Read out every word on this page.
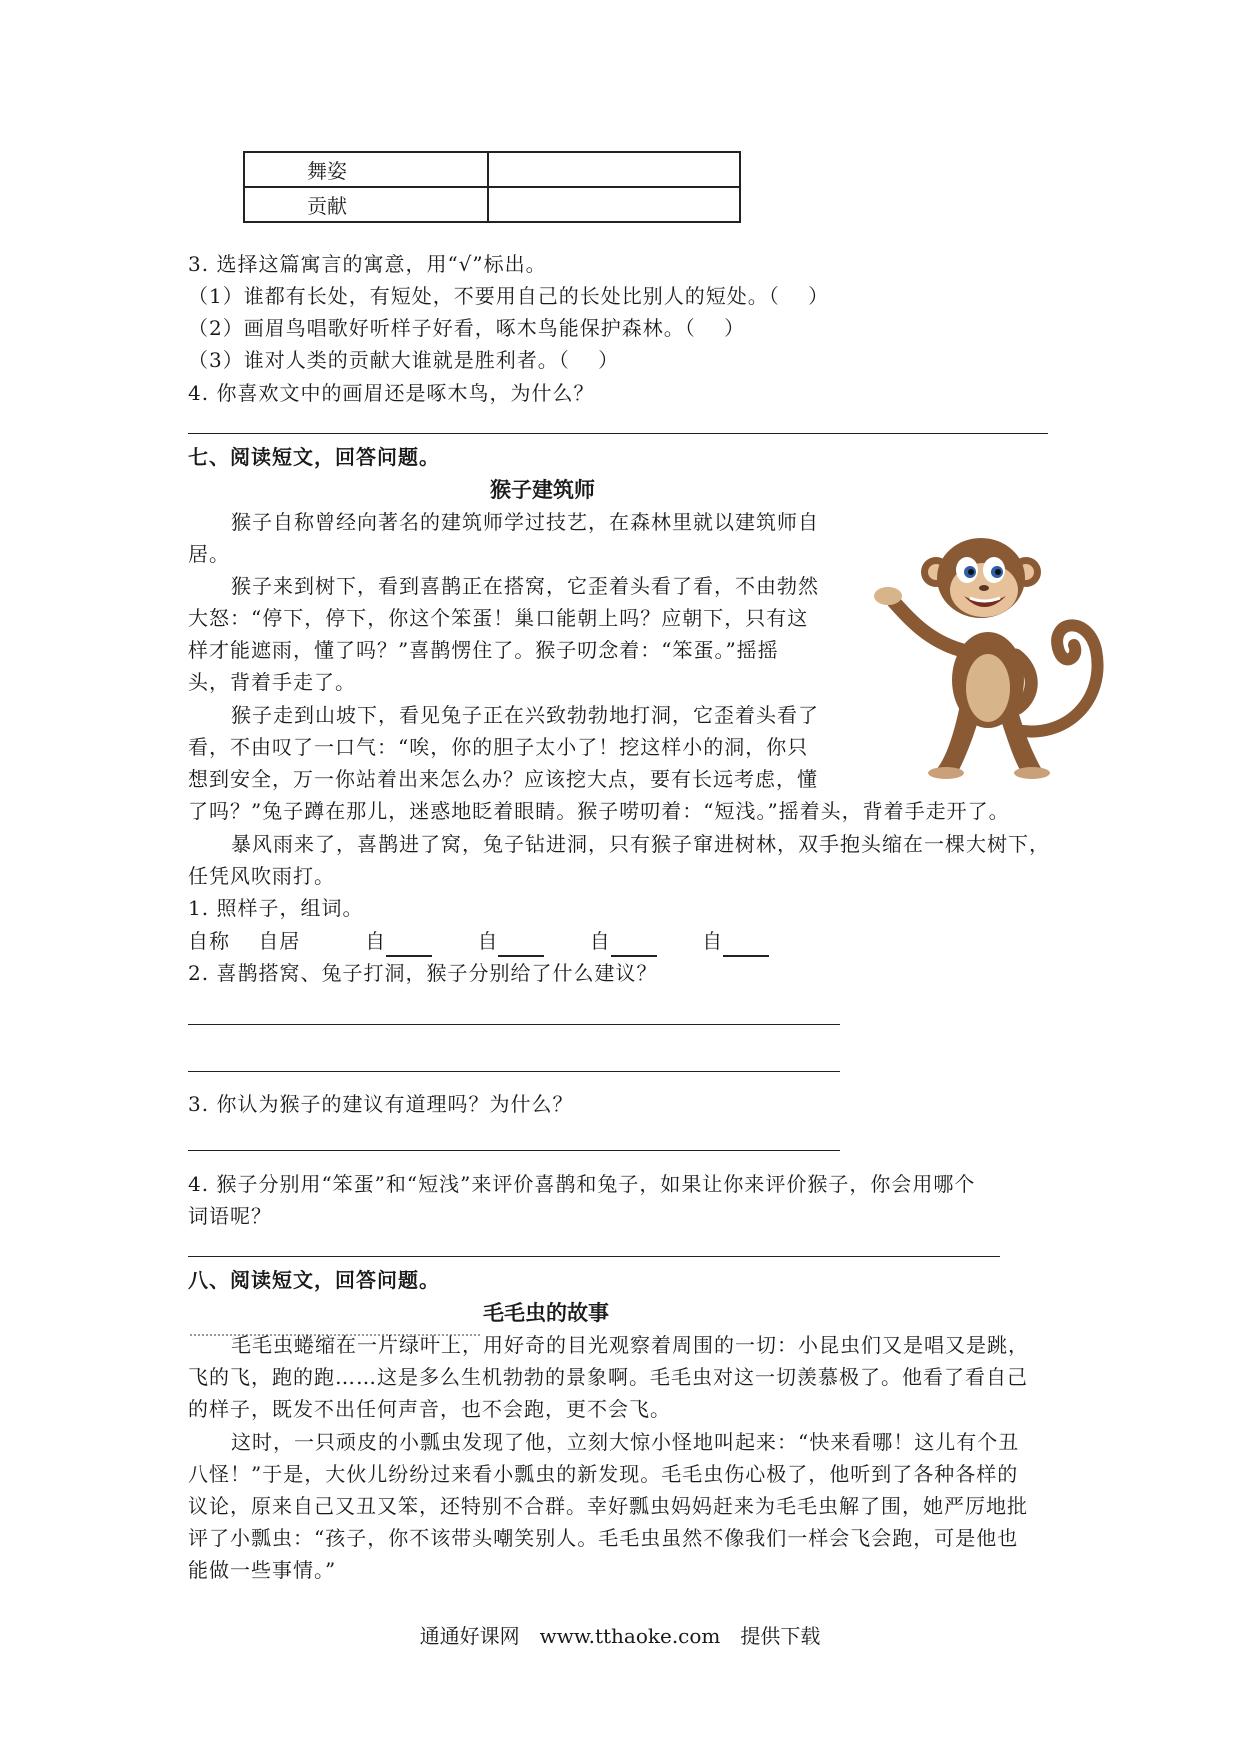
舞姿	
贡献	
3. 选择这篇寓言的寓意，用“√”标出。
（1）谁都有长处，有短处，不要用自己的长处比别人的短处。（　 ）
（2）画眉鸟唱歌好听样子好看，啄木鸟能保护森林。（　 ）
（3）谁对人类的贡献大谁就是胜利者。（　 ）
4. 你喜欢文中的画眉还是啄木鸟，为什么？
七、阅读短文，回答问题。
猴子建筑师
猴子自称曾经向著名的建筑师学过技艺，在森林里就以建筑师自
居。
猴子来到树下，看到喜鹊正在搭窝，它歪着头看了看，不由勃然
大怒：“停下，停下，你这个笨蛋！巢口能朝上吗？应朝下，只有这
样才能遮雨，懂了吗？”喜鹊愣住了。猴子叨念着：“笨蛋。”摇摇
头，背着手走了。
猴子走到山坡下，看见兔子正在兴致勃勃地打洞，它歪着头看了
看，不由叹了一口气：“唉，你的胆子太小了！挖这样小的洞，你只
想到安全，万一你站着出来怎么办？应该挖大点，要有长远考虑，懂
了吗？”兔子蹲在那儿，迷惑地眨着眼睛。猴子唠叨着：“短浅。”摇着头，背着手走开了。
暴风雨来了，喜鹊进了窝，兔子钻进洞，只有猴子窜进树林，双手抱头缩在一棵大树下，
任凭风吹雨打。
1. 照样子，组词。
自称　 自居	自	自	自	自
2. 喜鹊搭窝、兔子打洞，猴子分别给了什么建议？
3. 你认为猴子的建议有道理吗？为什么？
4. 猴子分别用“笨蛋”和“短浅”来评价喜鹊和兔子，如果让你来评价猴子，你会用哪个
词语呢？
八、阅读短文，回答问题。
毛毛虫的故事
毛毛虫蜷缩在一片绿叶上，用好奇的目光观察着周围的一切：小昆虫们又是唱又是跳，
飞的飞，跑的跑……这是多么生机勃勃的景象啊。毛毛虫对这一切羡慕极了。他看了看自己
的样子，既发不出任何声音，也不会跑，更不会飞。
这时，一只顽皮的小瓢虫发现了他，立刻大惊小怪地叫起来：“快来看哪！这儿有个丑
八怪！”于是，大伙儿纷纷过来看小瓢虫的新发现。毛毛虫伤心极了，他听到了各种各样的
议论，原来自己又丑又笨，还特别不合群。幸好瓢虫妈妈赶来为毛毛虫解了围，她严厉地批
评了小瓢虫：“孩子，你不该带头嘲笑别人。毛毛虫虽然不像我们一样会飞会跑，可是他也
能做一些事情。”
通通好课网　www.tthaoke.com　提供下载
